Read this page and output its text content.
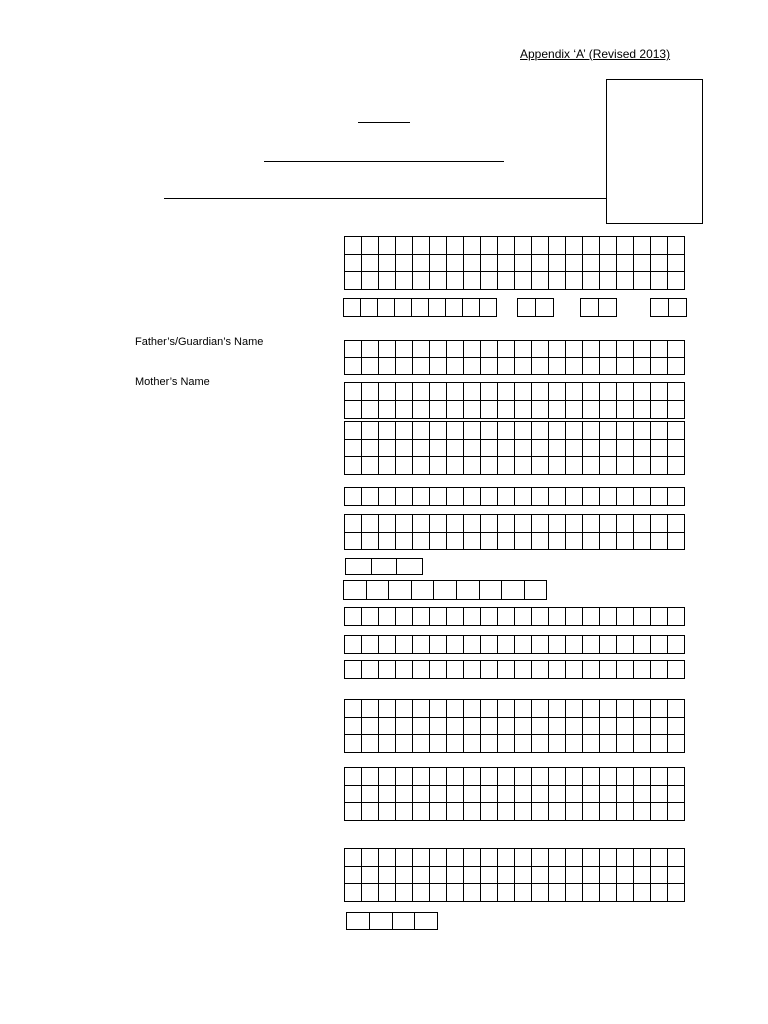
Appendix ‘A’ (Revised 2013)
Father’s/Guardian’s Name
Mother’s Name
